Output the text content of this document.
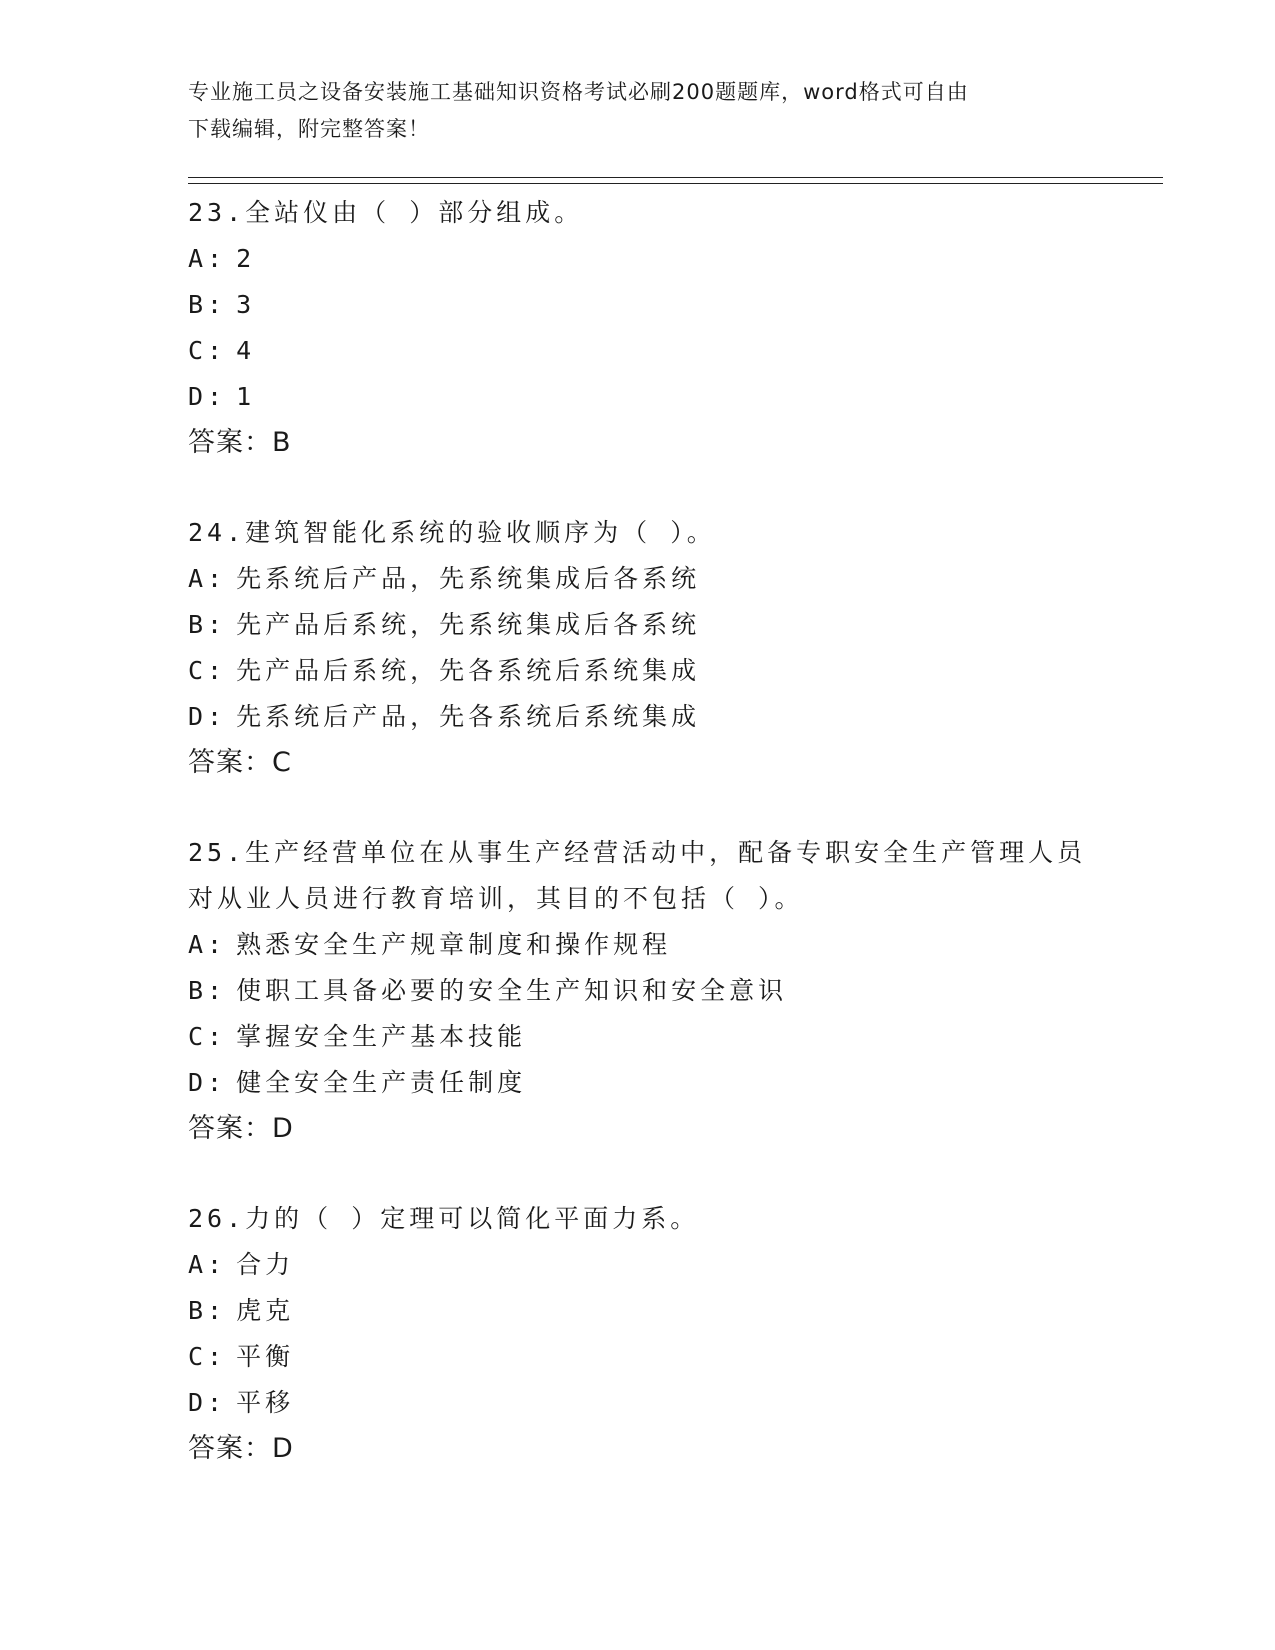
专业施工员之设备安装施工基础知识资格考试必刷200题题库，word格式可自由
下载编辑，附完整答案！
23.全站仪由（ ）部分组成。
A: 2
B: 3
C: 4
D: 1
答案：B
24.建筑智能化系统的验收顺序为（ ）。
A: 先系统后产品，先系统集成后各系统
B: 先产品后系统，先系统集成后各系统
C: 先产品后系统，先各系统后系统集成
D: 先系统后产品，先各系统后系统集成
答案：C
25.生产经营单位在从事生产经营活动中，配备专职安全生产管理人员
对从业人员进行教育培训，其目的不包括（ ）。
A: 熟悉安全生产规章制度和操作规程
B: 使职工具备必要的安全生产知识和安全意识
C: 掌握安全生产基本技能
D: 健全安全生产责任制度
答案：D
26.力的（ ）定理可以简化平面力系。
A: 合力
B: 虎克
C: 平衡
D: 平移
答案：D
